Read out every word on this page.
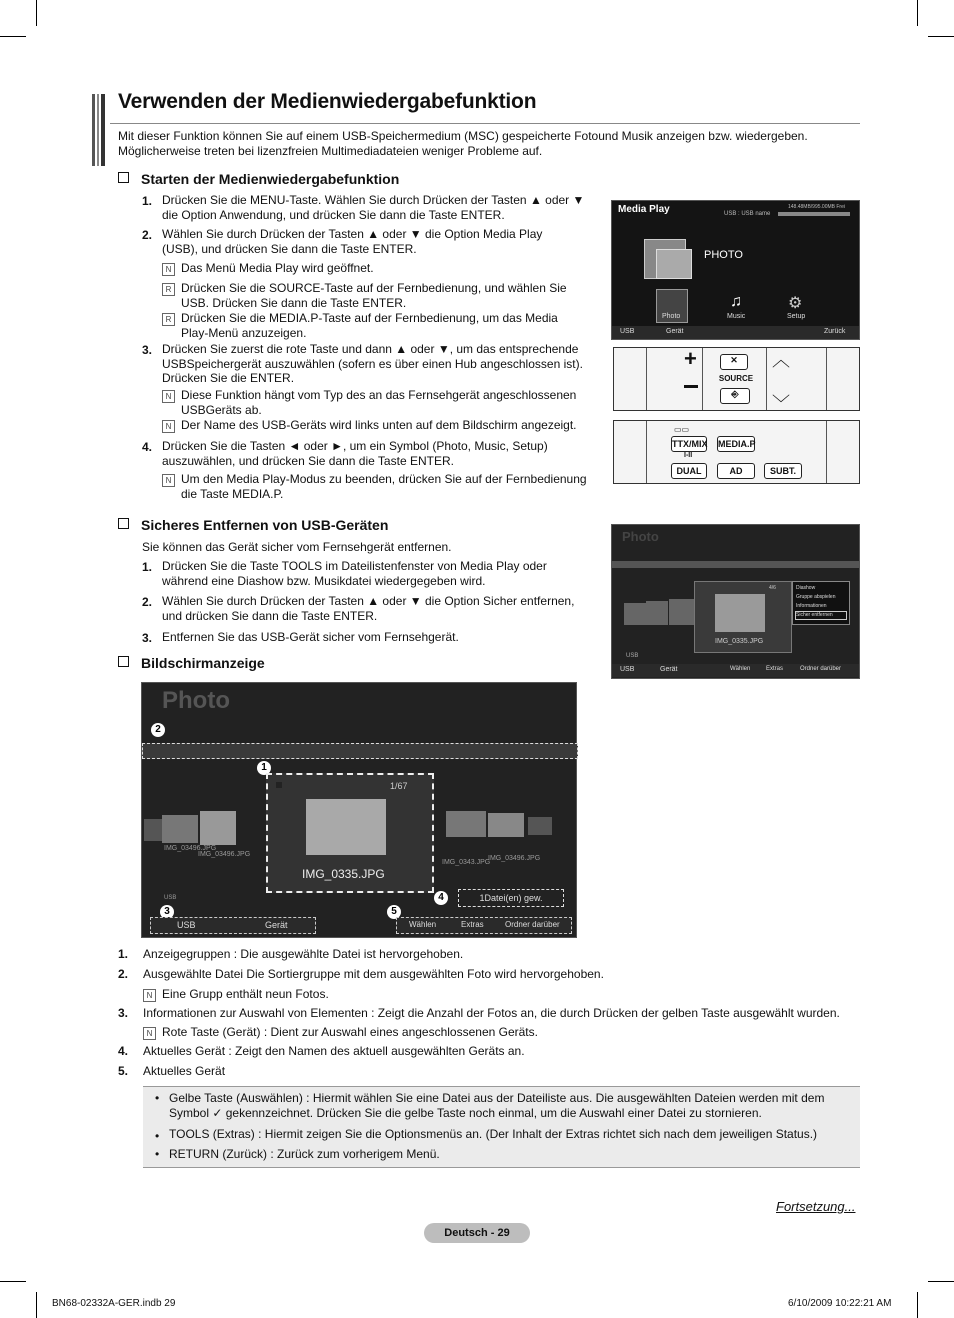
Verwenden der Medienwiedergabefunktion
Mit dieser Funktion können Sie auf einem USB-Speichermedium (MSC) gespeicherte Fotound Musik anzeigen bzw. wiedergeben.
Möglicherweise treten bei lizenzfreien Multimediadateien weniger Probleme auf.
Starten der Medienwiedergabefunktion
1. Drücken Sie die MENU-Taste. Wählen Sie durch Drücken der Tasten ▲ oder ▼
die Option Anwendung, und drücken Sie dann die Taste ENTER.
2. Wählen Sie durch Drücken der Tasten ▲ oder ▼ die Option Media Play
(USB), und drücken Sie dann die Taste ENTER.
N Das Menü Media Play wird geöffnet.
R Drücken Sie die SOURCE-Taste auf der Fernbedienung, und wählen Sie
USB. Drücken Sie dann die Taste ENTER.
R Drücken Sie die MEDIA.P-Taste auf der Fernbedienung, um das Media
Play-Menü anzuzeigen.
3. Drücken Sie zuerst die rote Taste und dann ▲ oder ▼, um das entsprechende
USBSpeichergerät auszuwählen (sofern es über einen Hub angeschlossen ist).
Drücken Sie die ENTER.
N Diese Funktion hängt vom Typ des an das Fernsehgerät angeschlossenen
USBGeräts ab.
N Der Name des USB-Geräts wird links unten auf dem Bildschirm angezeigt.
4. Drücken Sie die Tasten ◄ oder ►, um ein Symbol (Photo, Music, Setup)
auszuwählen, und drücken Sie dann die Taste ENTER.
N Um den Media Play-Modus zu beenden, drücken Sie auf der Fernbedienung
die Taste MEDIA.P.
Media Play	USB : USB name
148.48MB/995.00MB Frei
PHOTO
Photo
♫
Music
⚙
Setup
USB	Gerät	Zurück
+	✕
SOURCE
⎆
︿
﹀
▭▭
TTX/MIX MEDIA.P
I-II
DUAL	AD	SUBT.
Sicheres Entfernen von USB-Geräten
Sie können das Gerät sicher vom Fernsehgerät entfernen.
1. Drücken Sie die Taste TOOLS im Dateilistenfenster von Media Play oder
während eine Diashow bzw. Musikdatei wiedergegeben wird.
2. Wählen Sie durch Drücken der Tasten ▲ oder ▼ die Option Sicher entfernen,
und drücken Sie dann die Taste ENTER.
3. Entfernen Sie das USB-Gerät sicher vom Fernsehgerät.
Photo
IMG_0335.JPG
4/6	Diashow
Gruppe abspielen
Informationen
Sicher entfernen
USB
USB	Gerät	Wählen	Extras	Ordner darüber
Bildschirmanzeige
Photo
2
1
IMG_03496.JPG
IMG_03496.JPG
1/67
IMG_0335.JPG
IMG_0343.JPG
IMG_03496.JPG
4	1Datei(en) gew.
USB
3	5
USB	Gerät	Wählen	Extras	Ordner darüber
1. Anzeigegruppen : Die ausgewählte Datei ist hervorgehoben.
2. Ausgewählte Datei Die Sortiergruppe mit dem ausgewählten Foto wird hervorgehoben.
N Eine Grupp enthält neun Fotos.
3. Informationen zur Auswahl von Elementen : Zeigt die Anzahl der Fotos an, die durch Drücken der gelben Taste ausgewählt wurden.
N Rote Taste (Gerät) : Dient zur Auswahl eines angeschlossenen Geräts.
4. Aktuelles Gerät : Zeigt den Namen des aktuell ausgewählten Geräts an.
5. Aktuelles Gerät
• Gelbe Taste (Auswählen) : Hiermit wählen Sie eine Datei aus der Dateiliste aus. Die ausgewählten Dateien werden mit dem
Symbol ✓ gekennzeichnet. Drücken Sie die gelbe Taste noch einmal, um die Auswahl einer Datei zu stornieren.
• TOOLS (Extras) : Hiermit zeigen Sie die Optionsmenüs an. (Der Inhalt der Extras richtet sich nach dem jeweiligen Status.)
• RETURN (Zurück) : Zurück zum vorherigem Menü.
Fortsetzung...
Deutsch - 29
BN68-02332A-GER.indb 29	6/10/2009 10:22:21 AM
